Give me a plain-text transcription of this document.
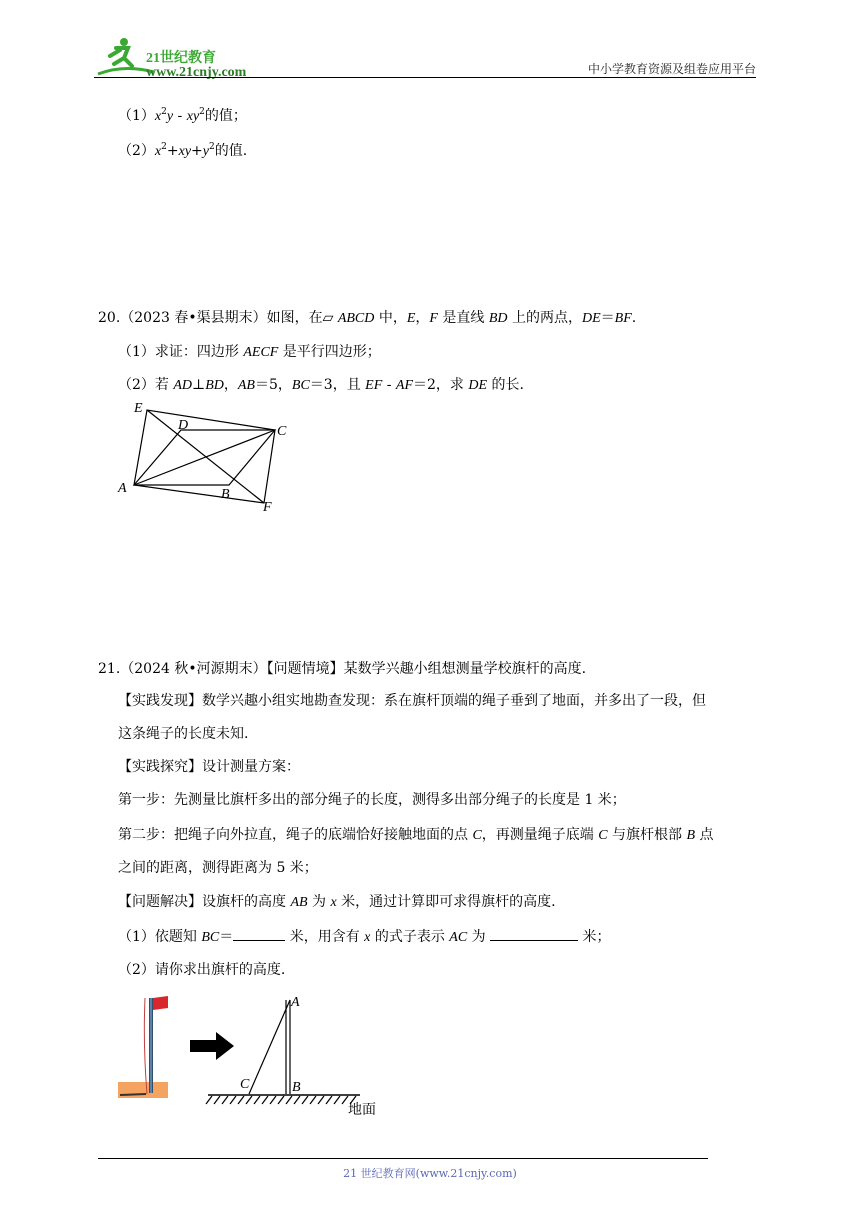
21世纪教育
www.21cnjy.com	中小学教育资源及组卷应用平台
$(1)x^2y - xy^2$的值；
$(2)x^2+xy+y^2$的值.
20.（2023 春•渠县期末）如图，在▱ ABCD 中，E，F 是直线 BD 上的两点，DE＝BF.
（1）求证：四边形 AECF 是平行四边形；
（2）若 AD⊥BD，AB＝5，BC＝3，且 EF - AF＝2，求 DE 的长.
E
D	C
A	B
F
21.（2024 秋•河源期末）【问题情境】某数学兴趣小组想测量学校旗杆的高度.
【实践发现】数学兴趣小组实地勘查发现：系在旗杆顶端的绳子垂到了地面，并多出了一段，但
这条绳子的长度未知.
【实践探究】设计测量方案：
第一步：先测量比旗杆多出的部分绳子的长度，测得多出部分绳子的长度是 1 米；
第二步：把绳子向外拉直，绳子的底端恰好接触地面的点 C，再测量绳子底端 C 与旗杆根部 B 点
之间的距离，测得距离为 5 米；
【问题解决】设旗杆的高度 AB 为 x 米，通过计算即可求得旗杆的高度.
（1）依题知 BC＝	米，用含有 x 的式子表示 AC 为	米；
（2）请你求出旗杆的高度.
A
C	B
地面
21 世纪教育网(www.21cnjy.com)
